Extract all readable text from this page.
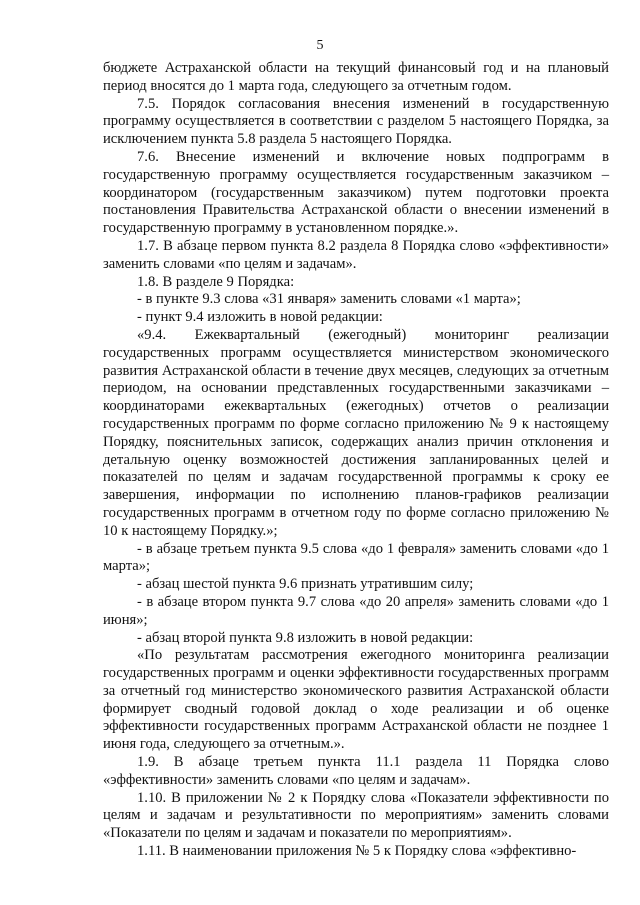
5

бюджете Астраханской области на текущий финансовый год и на плановый период вносятся до 1 марта года, следующего за отчетным годом.

7.5. Порядок согласования внесения изменений в государственную программу осуществляется в соответствии с разделом 5 настоящего Порядка, за исключением пункта 5.8 раздела 5 настоящего Порядка.

7.6. Внесение изменений и включение новых подпрограмм в государственную программу осуществляется государственным заказчиком – координатором (государственным заказчиком) путем подготовки проекта постановления Правительства Астраханской области о внесении изменений в государственную программу в установленном порядке.».

1.7. В абзаце первом пункта 8.2 раздела 8 Порядка слово «эффективности» заменить словами «по целям и задачам».

1.8. В разделе 9 Порядка:

- в пункте 9.3 слова «31 января» заменить словами «1 марта»;

- пункт 9.4 изложить в новой редакции:

«9.4. Ежеквартальный (ежегодный) мониторинг реализации государственных программ осуществляется министерством экономического развития Астраханской области в течение двух месяцев, следующих за отчетным периодом, на основании представленных государственными заказчиками – координаторами ежеквартальных (ежегодных) отчетов о реализации государственных программ по форме согласно приложению № 9 к настоящему Порядку, пояснительных записок, содержащих анализ причин отклонения и детальную оценку возможностей достижения запланированных целей и показателей по целям и задачам государственной программы к сроку ее завершения, информации по исполнению планов-графиков реализации государственных программ в отчетном году по форме согласно приложению № 10 к настоящему Порядку.»;

- в абзаце третьем пункта 9.5 слова «до 1 февраля» заменить словами «до 1 марта»;

- абзац шестой пункта 9.6 признать утратившим силу;

- в абзаце втором пункта 9.7 слова «до 20 апреля» заменить словами «до 1 июня»;

- абзац второй пункта 9.8 изложить в новой редакции:

«По результатам рассмотрения ежегодного мониторинга реализации государственных программ и оценки эффективности государственных программ за отчетный год министерство экономического развития Астраханской области формирует сводный годовой доклад о ходе реализации и об оценке эффективности государственных программ Астраханской области не позднее 1 июня года, следующего за отчетным.».

1.9. В абзаце третьем пункта 11.1 раздела 11 Порядка слово «эффективности» заменить словами «по целям и задачам».

1.10. В приложении № 2 к Порядку слова «Показатели эффективности по целям и задачам и результативности по мероприятиям» заменить словами «Показатели по целям и задачам и показатели по мероприятиям».

1.11. В наименовании приложения № 5 к Порядку слова «эффективно-
